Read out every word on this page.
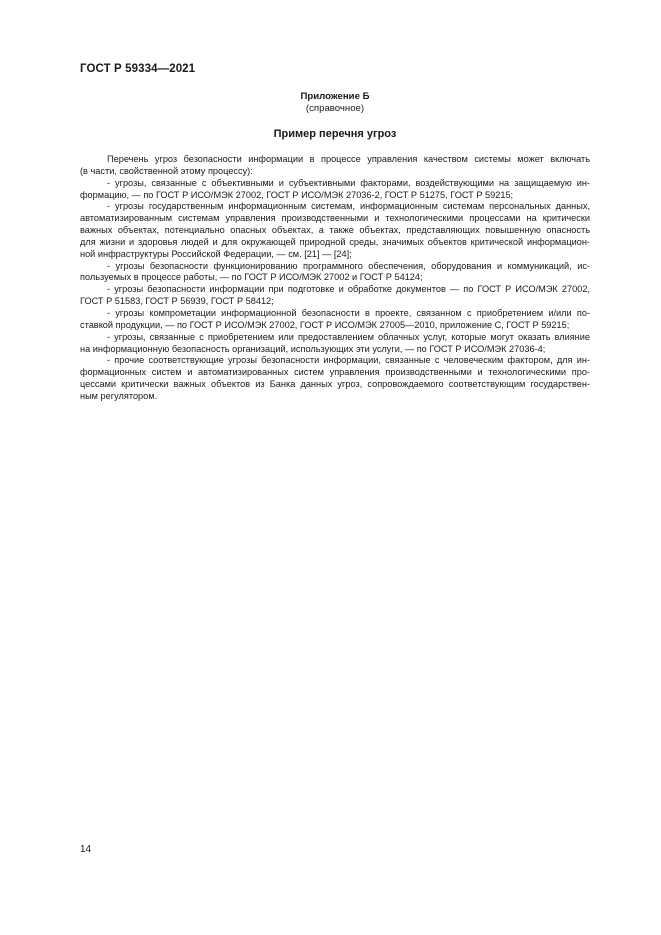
ГОСТ Р 59334—2021
Приложение Б
(справочное)
Пример перечня угроз
Перечень угроз безопасности информации в процессе управления качеством системы может включать
(в части, свойственной этому процессу):
- угрозы, связанные с объективными и субъективными факторами, воздействующими на защищаемую ин-
формацию, — по ГОСТ Р ИСО/МЭК 27002, ГОСТ Р ИСО/МЭК 27036-2, ГОСТ Р 51275, ГОСТ Р 59215;
- угрозы государственным информационным системам, информационным системам персональных данных,
автоматизированным системам управления производственными и технологическими процессами на критически
важных объектах, потенциально опасных объектах, а также объектах, представляющих повышенную опасность
для жизни и здоровья людей и для окружающей природной среды, значимых объектов критической информацион-
ной инфраструктуры Российской Федерации, — см. [21] — [24];
- угрозы безопасности функционированию программного обеспечения, оборудования и коммуникаций, ис-
пользуемых в процессе работы, — по ГОСТ Р ИСО/МЭК 27002 и ГОСТ Р 54124;
- угрозы безопасности информации при подготовке и обработке документов — по ГОСТ Р ИСО/МЭК 27002,
ГОСТ Р 51583, ГОСТ Р 56939, ГОСТ Р 58412;
- угрозы компрометации информационной безопасности в проекте, связанном с приобретением и/или по-
ставкой продукции, — по ГОСТ Р ИСО/МЭК 27002, ГОСТ Р ИСО/МЭК 27005—2010, приложение С, ГОСТ Р 59215;
- угрозы, связанные с приобретением или предоставлением облачных услуг, которые могут оказать влияние
на информационную безопасность организаций, использующих эти услуги, — по ГОСТ Р ИСО/МЭК 27036-4;
- прочие соответствующие угрозы безопасности информации, связанные с человеческим фактором, для ин-
формационных систем и автоматизированных систем управления производственными и технологическими про-
цессами критически важных объектов из Банка данных угроз, сопровождаемого соответствующим государствен-
ным регулятором.
14
